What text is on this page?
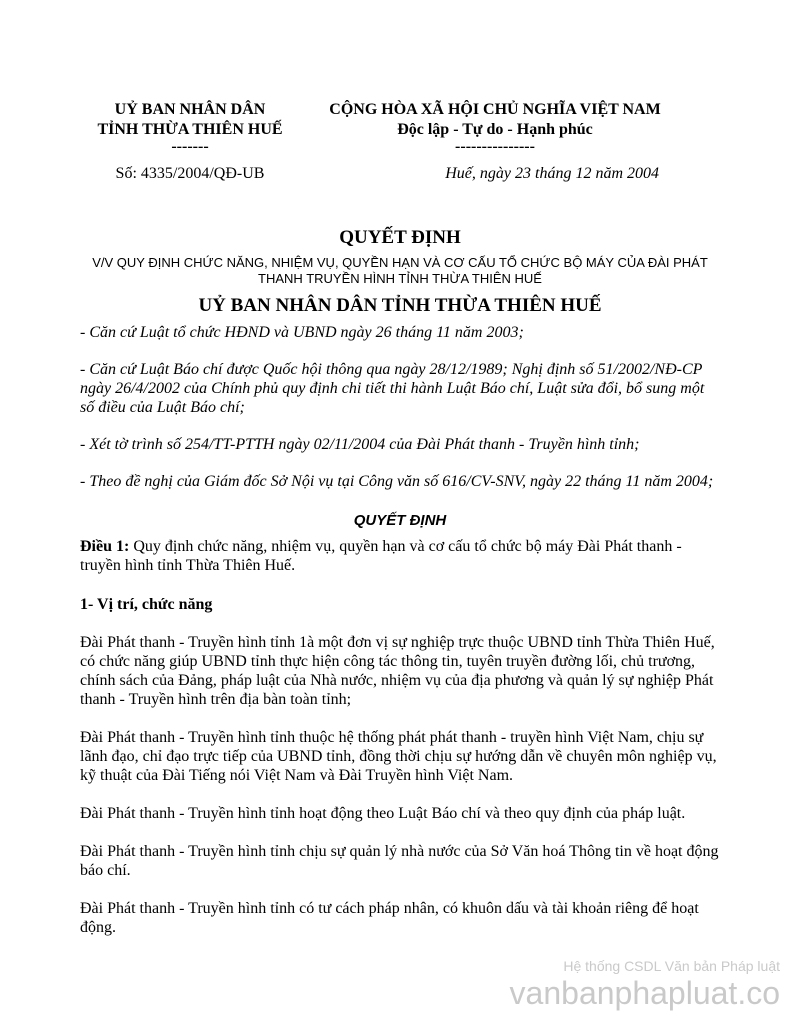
UỶ BAN NHÂN DÂN
TỈNH THỪA THIÊN HUẾ
-------
CỘNG HÒA XÃ HỘI CHỦ NGHĨA VIỆT NAM
Độc lập - Tự do - Hạnh phúc
---------------
Số: 4335/2004/QĐ-UB	Huế, ngày 23 tháng 12 năm 2004

QUYẾT ĐỊNH

V/V QUY ĐỊNH CHỨC NĂNG, NHIỆM VỤ, QUYỀN HẠN VÀ CƠ CẤU TỔ CHỨC BỘ MÁY CỦA ĐÀI PHÁT THANH TRUYỀN HÌNH TỈNH THỪA THIÊN HUẾ

UỶ BAN NHÂN DÂN TỈNH THỪA THIÊN HUẾ

- Căn cứ Luật tổ chức HĐND và UBND ngày 26 tháng 11 năm 2003;

- Căn cứ Luật Báo chí được Quốc hội thông qua ngày 28/12/1989; Nghị định số 51/2002/NĐ-CP ngày 26/4/2002 của Chính phủ quy định chi tiết thi hành Luật Báo chí, Luật sửa đổi, bổ sung một số điều của Luật Báo chí;

- Xét tờ trình số 254/TT-PTTH ngày 02/11/2004 của Đài Phát thanh - Truyền hình tỉnh;

- Theo đề nghị của Giám đốc Sở Nội vụ tại Công văn số 616/CV-SNV, ngày 22 tháng 11 năm 2004;

QUYẾT ĐỊNH

Điều 1: Quy định chức năng, nhiệm vụ, quyền hạn và cơ cấu tổ chức bộ máy Đài Phát thanh - truyền hình tỉnh Thừa Thiên Huế.

1- Vị trí, chức năng

Đài Phát thanh - Truyền hình tỉnh 1à một đơn vị sự nghiệp trực thuộc UBND tỉnh Thừa Thiên Huế, có chức năng giúp UBND tỉnh thực hiện công tác thông tin, tuyên truyền đường lối, chủ trương, chính sách của Đảng, pháp luật của Nhà nước, nhiệm vụ của địa phương và quản lý sự nghiệp Phát thanh - Truyền hình trên địa bàn toàn tỉnh;

Đài Phát thanh - Truyền hình tỉnh thuộc hệ thống phát phát thanh - truyền hình Việt Nam, chịu sự lãnh đạo, chỉ đạo trực tiếp của UBND tỉnh, đồng thời chịu sự hướng dẫn về chuyên môn nghiệp vụ, kỹ thuật của Đài Tiếng nói Việt Nam và Đài Truyền hình Việt Nam.

Đài Phát thanh - Truyền hình tỉnh hoạt động theo Luật Báo chí và theo quy định của pháp luật.

Đài Phát thanh - Truyền hình tỉnh chịu sự quản lý nhà nước của Sở Văn hoá Thông tin về hoạt động báo chí.

Đài Phát thanh - Truyền hình tỉnh có tư cách pháp nhân, có khuôn dấu và tài khoản riêng để hoạt động.

Hệ thống CSDL Văn bản Pháp luật
vanbanphapluat.co
